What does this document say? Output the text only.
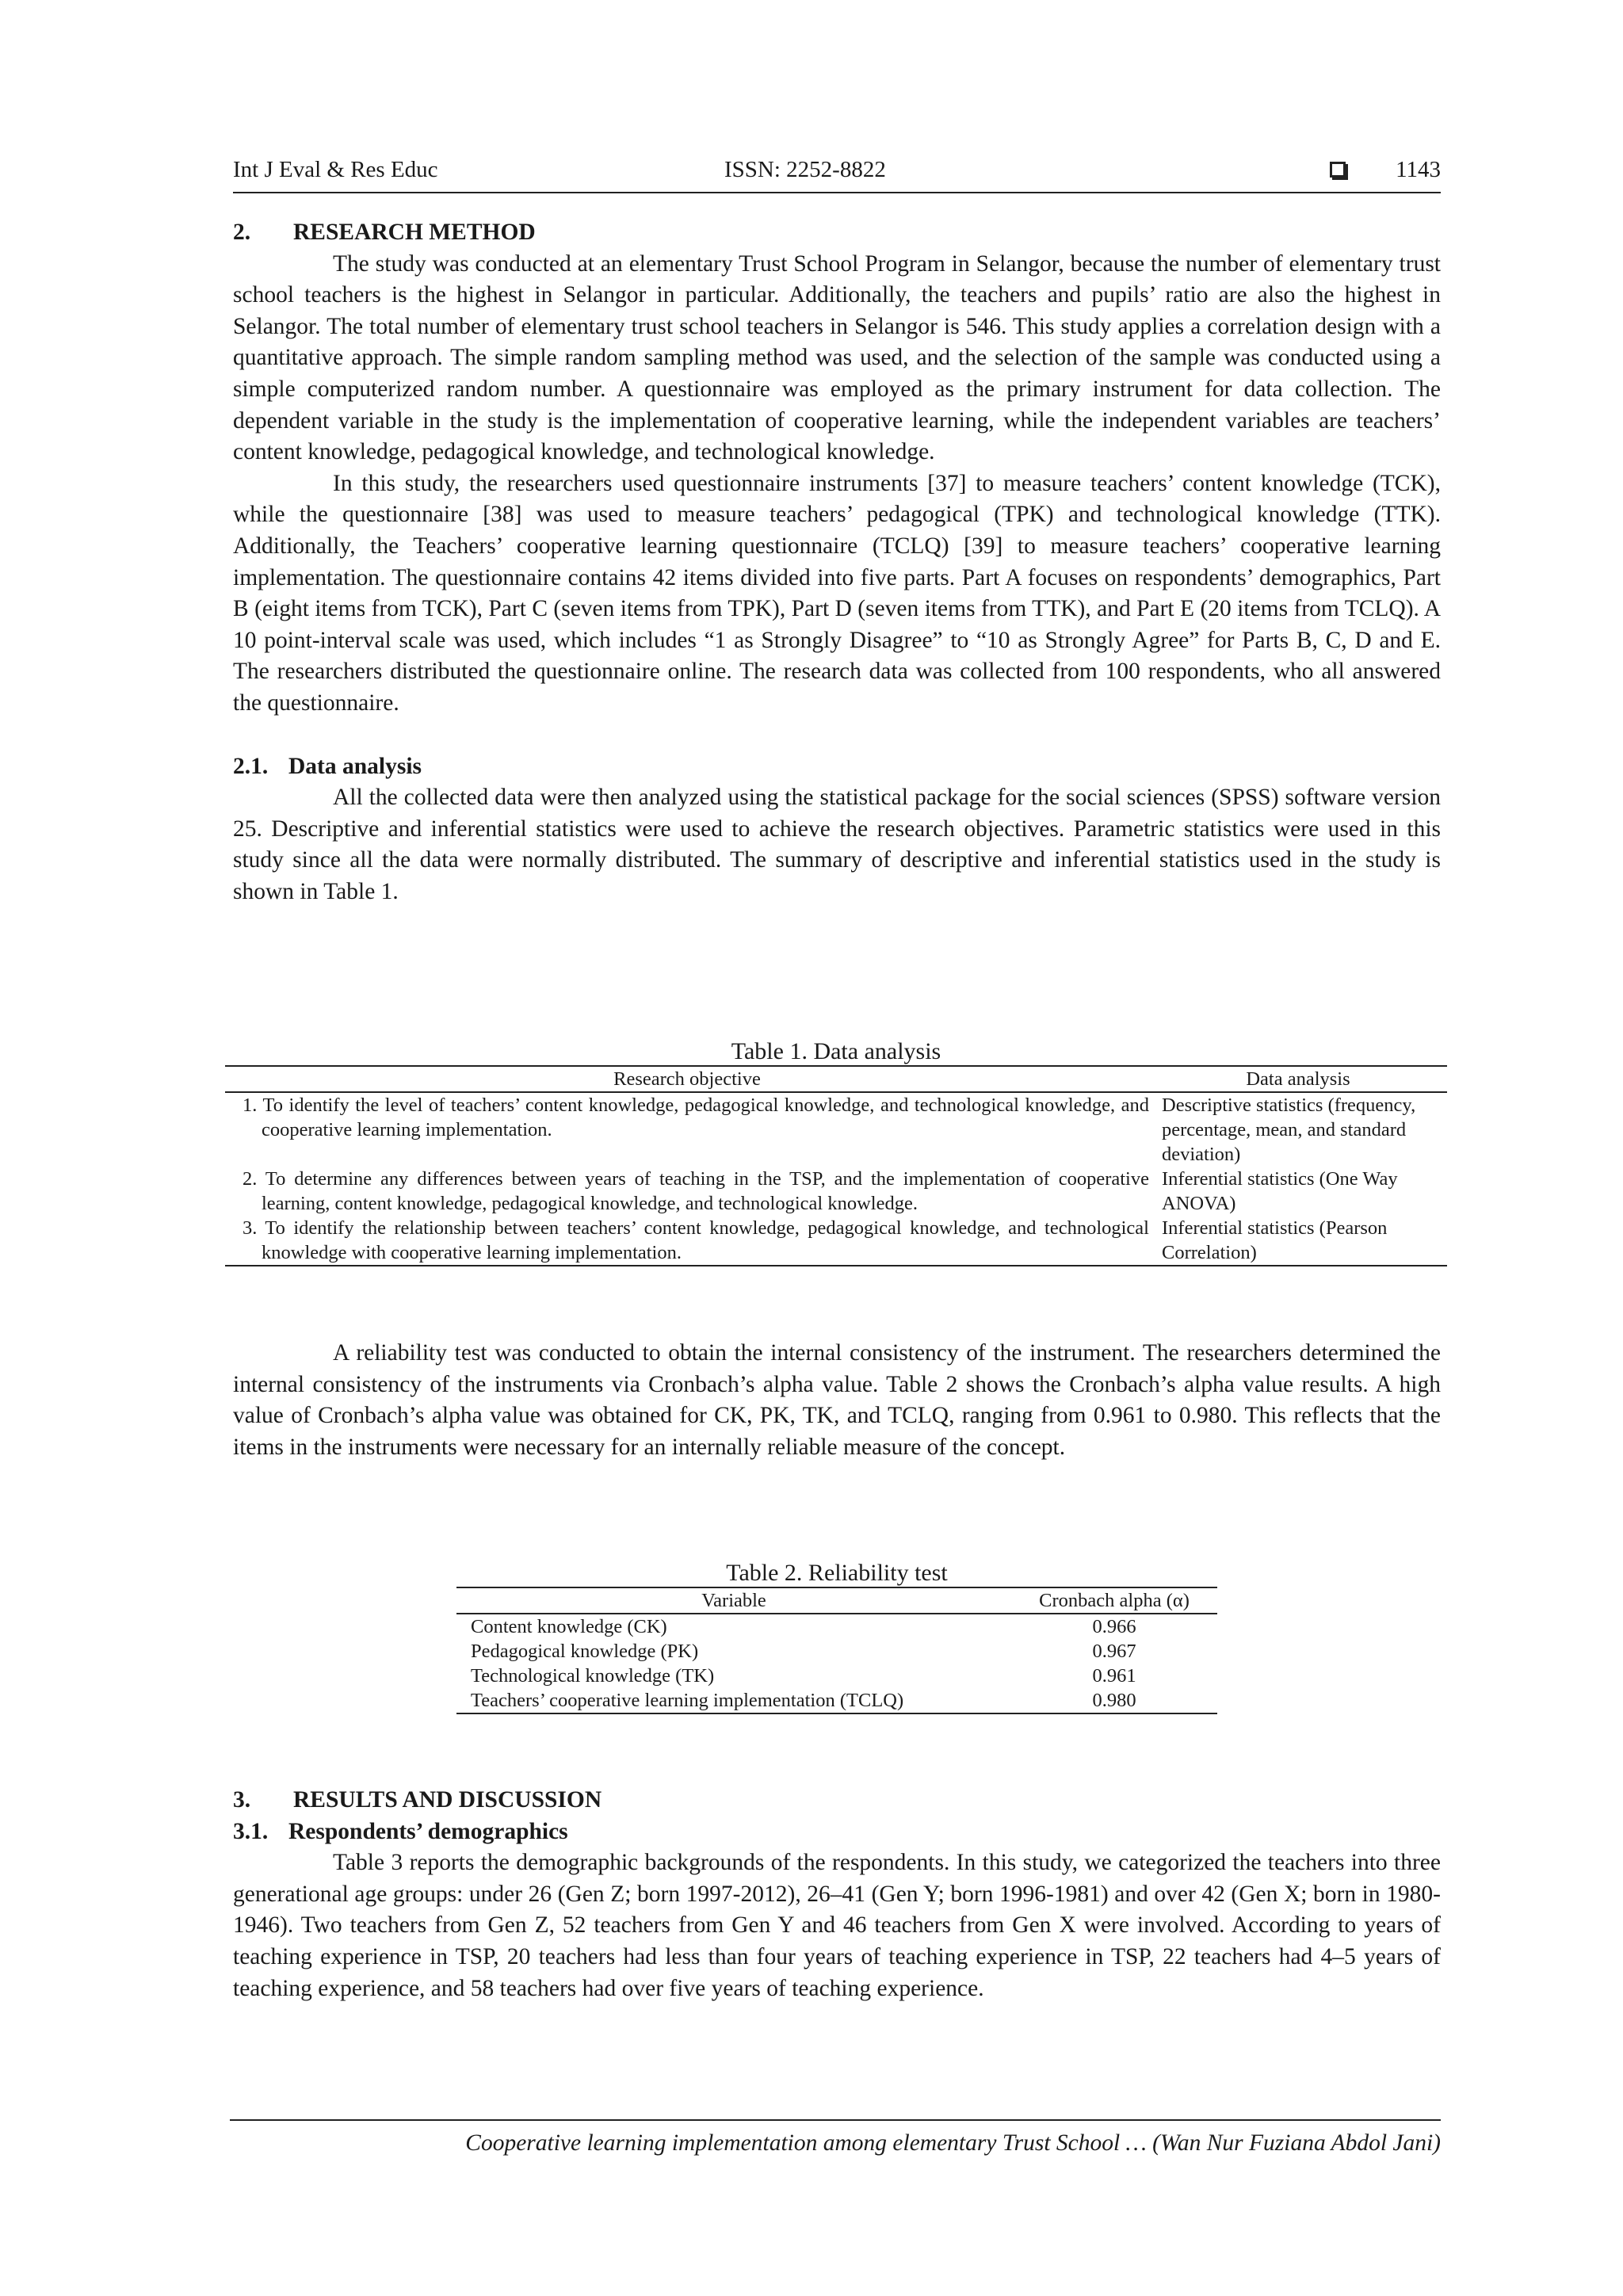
Int J Eval & Res Educ	ISSN: 2252-8822	1143
2. RESEARCH METHOD

The study was conducted at an elementary Trust School Program in Selangor, because the number of elementary trust school teachers is the highest in Selangor in particular. Additionally, the teachers and pupils’ ratio are also the highest in Selangor. The total number of elementary trust school teachers in Selangor is 546. This study applies a correlation design with a quantitative approach. The simple random sampling method was used, and the selection of the sample was conducted using a simple computerized random number. A questionnaire was employed as the primary instrument for data collection. The dependent variable in the study is the implementation of cooperative learning, while the independent variables are teachers’ content knowledge, pedagogical knowledge, and technological knowledge.

In this study, the researchers used questionnaire instruments [37] to measure teachers’ content knowledge (TCK), while the questionnaire [38] was used to measure teachers’ pedagogical (TPK) and technological knowledge (TTK). Additionally, the Teachers’ cooperative learning questionnaire (TCLQ) [39] to measure teachers’ cooperative learning implementation. The questionnaire contains 42 items divided into five parts. Part A focuses on respondents’ demographics, Part B (eight items from TCK), Part C (seven items from TPK), Part D (seven items from TTK), and Part E (20 items from TCLQ). A 10 point-interval scale was used, which includes “1 as Strongly Disagree” to “10 as Strongly Agree” for Parts B, C, D and E. The researchers distributed the questionnaire online. The research data was collected from 100 respondents, who all answered the questionnaire.

2.1. Data analysis

All the collected data were then analyzed using the statistical package for the social sciences (SPSS) software version 25. Descriptive and inferential statistics were used to achieve the research objectives. Parametric statistics were used in this study since all the data were normally distributed. The summary of descriptive and inferential statistics used in the study is shown in Table 1.

Table 1. Data analysis
Research objective	Data analysis

1. To identify the level of teachers’ content knowledge, pedagogical knowledge, and technological knowledge, and cooperative learning implementation.	Descriptive statistics (frequency, percentage, mean, and standard deviation)

2. To determine any differences between years of teaching in the TSP, and the implementation of cooperative learning, content knowledge, pedagogical knowledge, and technological knowledge.	Inferential statistics (One Way ANOVA)

3. To identify the relationship between teachers’ content knowledge, pedagogical knowledge, and technological knowledge with cooperative learning implementation.	Inferential statistics (Pearson Correlation)

A reliability test was conducted to obtain the internal consistency of the instrument. The researchers determined the internal consistency of the instruments via Cronbach’s alpha value. Table 2 shows the Cronbach’s alpha value results. A high value of Cronbach’s alpha value was obtained for CK, PK, TK, and TCLQ, ranging from 0.961 to 0.980. This reflects that the items in the instruments were necessary for an internally reliable measure of the concept.

Table 2. Reliability test
Variable	Cronbach alpha (α)
Content knowledge (CK)	0.966
Pedagogical knowledge (PK)	0.967
Technological knowledge (TK)	0.961
Teachers’ cooperative learning implementation (TCLQ)	0.980
3. RESULTS AND DISCUSSION
3.1. Respondents’ demographics

Table 3 reports the demographic backgrounds of the respondents. In this study, we categorized the teachers into three generational age groups: under 26 (Gen Z; born 1997-2012), 26–41 (Gen Y; born 1996-1981) and over 42 (Gen X; born in 1980-1946). Two teachers from Gen Z, 52 teachers from Gen Y and 46 teachers from Gen X were involved. According to years of teaching experience in TSP, 20 teachers had less than four years of teaching experience in TSP, 22 teachers had 4–5 years of teaching experience, and 58 teachers had over five years of teaching experience.

Cooperative learning implementation among elementary Trust School … (Wan Nur Fuziana Abdol Jani)
